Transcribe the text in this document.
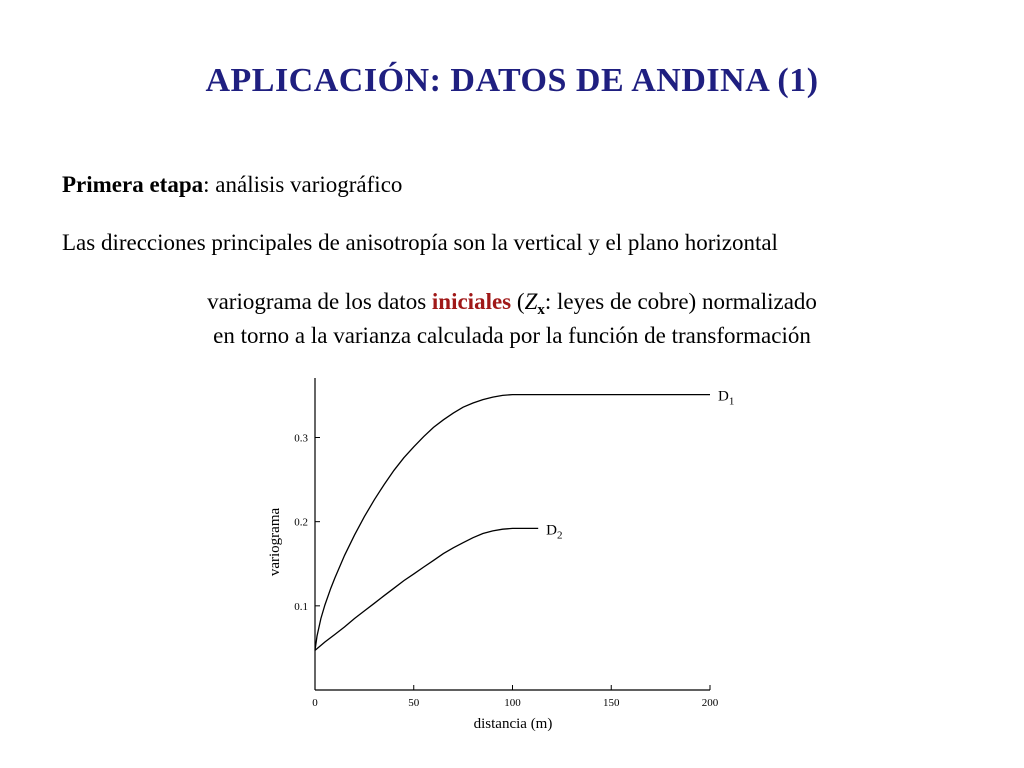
APLICACIÓN: DATOS DE ANDINA (1)
Primera etapa: análisis variográfico
Las direcciones principales de anisotropía son la vertical y el plano horizontal
variograma de los datos iniciales ($Z_x$: leyes de cobre) normalizado
en torno a la varianza calculada por la función de transformación
0	50	100	150	200
0.1
0.2
0.3
distancia (m)
variograma
$D_1$
$D_2$
